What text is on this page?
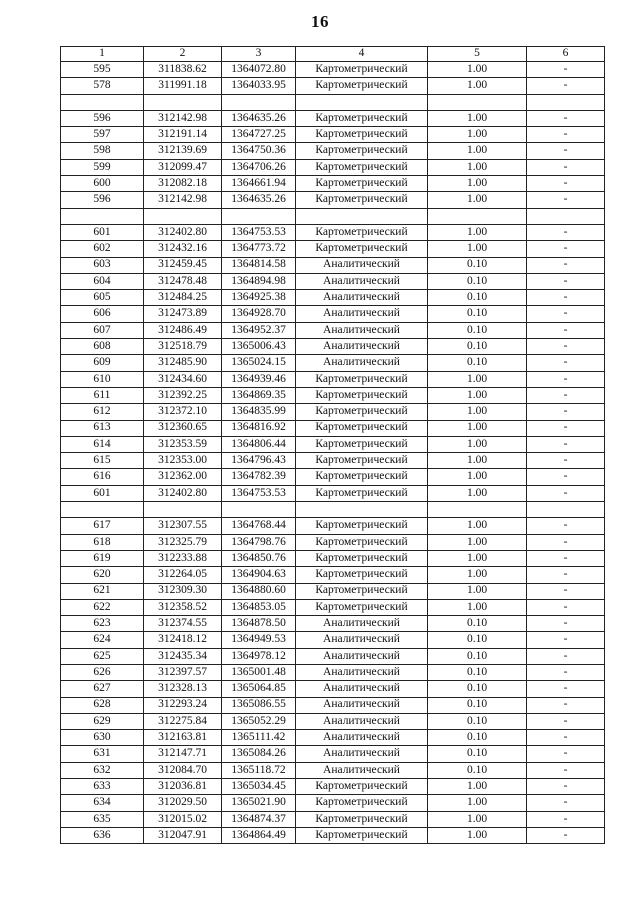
16
1	2	3	4	5	6
595	311838.62	1364072.80	Картометрический	1.00	-
578	311991.18	1364033.95	Картометрический	1.00	-

596	312142.98	1364635.26	Картометрический	1.00	-
597	312191.14	1364727.25	Картометрический	1.00	-
598	312139.69	1364750.36	Картометрический	1.00	-
599	312099.47	1364706.26	Картометрический	1.00	-
600	312082.18	1364661.94	Картометрический	1.00	-
596	312142.98	1364635.26	Картометрический	1.00	-

601	312402.80	1364753.53	Картометрический	1.00	-
602	312432.16	1364773.72	Картометрический	1.00	-
603	312459.45	1364814.58	Аналитический	0.10	-
604	312478.48	1364894.98	Аналитический	0.10	-
605	312484.25	1364925.38	Аналитический	0.10	-
606	312473.89	1364928.70	Аналитический	0.10	-
607	312486.49	1364952.37	Аналитический	0.10	-
608	312518.79	1365006.43	Аналитический	0.10	-
609	312485.90	1365024.15	Аналитический	0.10	-
610	312434.60	1364939.46	Картометрический	1.00	-
611	312392.25	1364869.35	Картометрический	1.00	-
612	312372.10	1364835.99	Картометрический	1.00	-
613	312360.65	1364816.92	Картометрический	1.00	-
614	312353.59	1364806.44	Картометрический	1.00	-
615	312353.00	1364796.43	Картометрический	1.00	-
616	312362.00	1364782.39	Картометрический	1.00	-
601	312402.80	1364753.53	Картометрический	1.00	-

617	312307.55	1364768.44	Картометрический	1.00	-
618	312325.79	1364798.76	Картометрический	1.00	-
619	312233.88	1364850.76	Картометрический	1.00	-
620	312264.05	1364904.63	Картометрический	1.00	-
621	312309.30	1364880.60	Картометрический	1.00	-
622	312358.52	1364853.05	Картометрический	1.00	-
623	312374.55	1364878.50	Аналитический	0.10	-
624	312418.12	1364949.53	Аналитический	0.10	-
625	312435.34	1364978.12	Аналитический	0.10	-
626	312397.57	1365001.48	Аналитический	0.10	-
627	312328.13	1365064.85	Аналитический	0.10	-
628	312293.24	1365086.55	Аналитический	0.10	-
629	312275.84	1365052.29	Аналитический	0.10	-
630	312163.81	1365111.42	Аналитический	0.10	-
631	312147.71	1365084.26	Аналитический	0.10	-
632	312084.70	1365118.72	Аналитический	0.10	-
633	312036.81	1365034.45	Картометрический	1.00	-
634	312029.50	1365021.90	Картометрический	1.00	-
635	312015.02	1364874.37	Картометрический	1.00	-
636	312047.91	1364864.49	Картометрический	1.00	-
